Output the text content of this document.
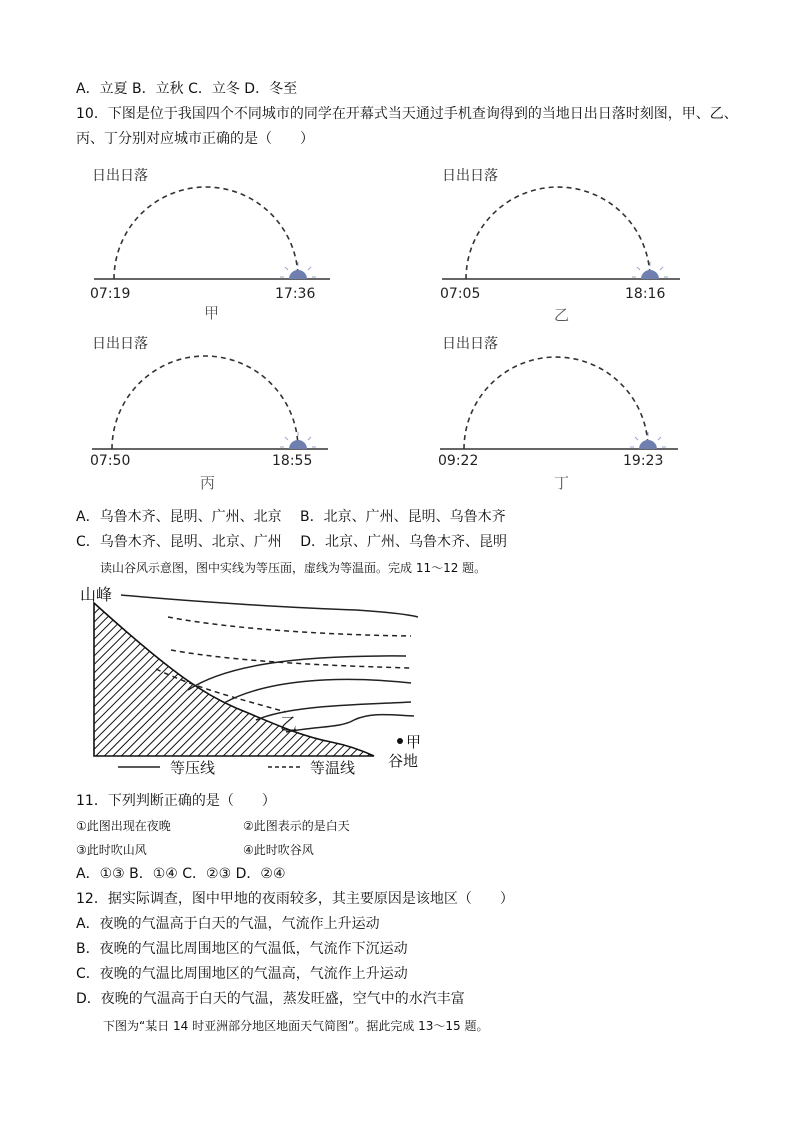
A．立夏 B．立秋 C．立冬 D．冬至
10．下图是位于我国四个不同城市的同学在开幕式当天通过手机查询得到的当地日出日落时刻图，甲、乙、
丙、丁分别对应城市正确的是（　　）
日出日落
07:19	17:36
甲
日出日落
07:05	18:16
乙
日出日落
07:50	18:55
丙
日出日落
09:22	19:23
丁
A．乌鲁木齐、昆明、广州、北京　 B．北京、广州、昆明、乌鲁木齐
C．乌鲁木齐、昆明、北京、广州　 D．北京、广州、乌鲁木齐、昆明
读山谷风示意图，图中实线为等压面，虚线为等温面。完成 11～12 题。
山峰
乙
甲
谷地
等压线	等温线
11．下列判断正确的是（　　）
①此图出现在夜晚	②此图表示的是白天
③此时吹山风	④此时吹谷风
A．①③ B．①④ C．②③ D．②④
12．据实际调查，图中甲地的夜雨较多，其主要原因是该地区（　　）
A．夜晚的气温高于白天的气温，气流作上升运动
B．夜晚的气温比周围地区的气温低，气流作下沉运动
C．夜晚的气温比周围地区的气温高，气流作上升运动
D．夜晚的气温高于白天的气温，蒸发旺盛，空气中的水汽丰富
下图为“某日 14 时亚洲部分地区地面天气简图”。据此完成 13～15 题。
